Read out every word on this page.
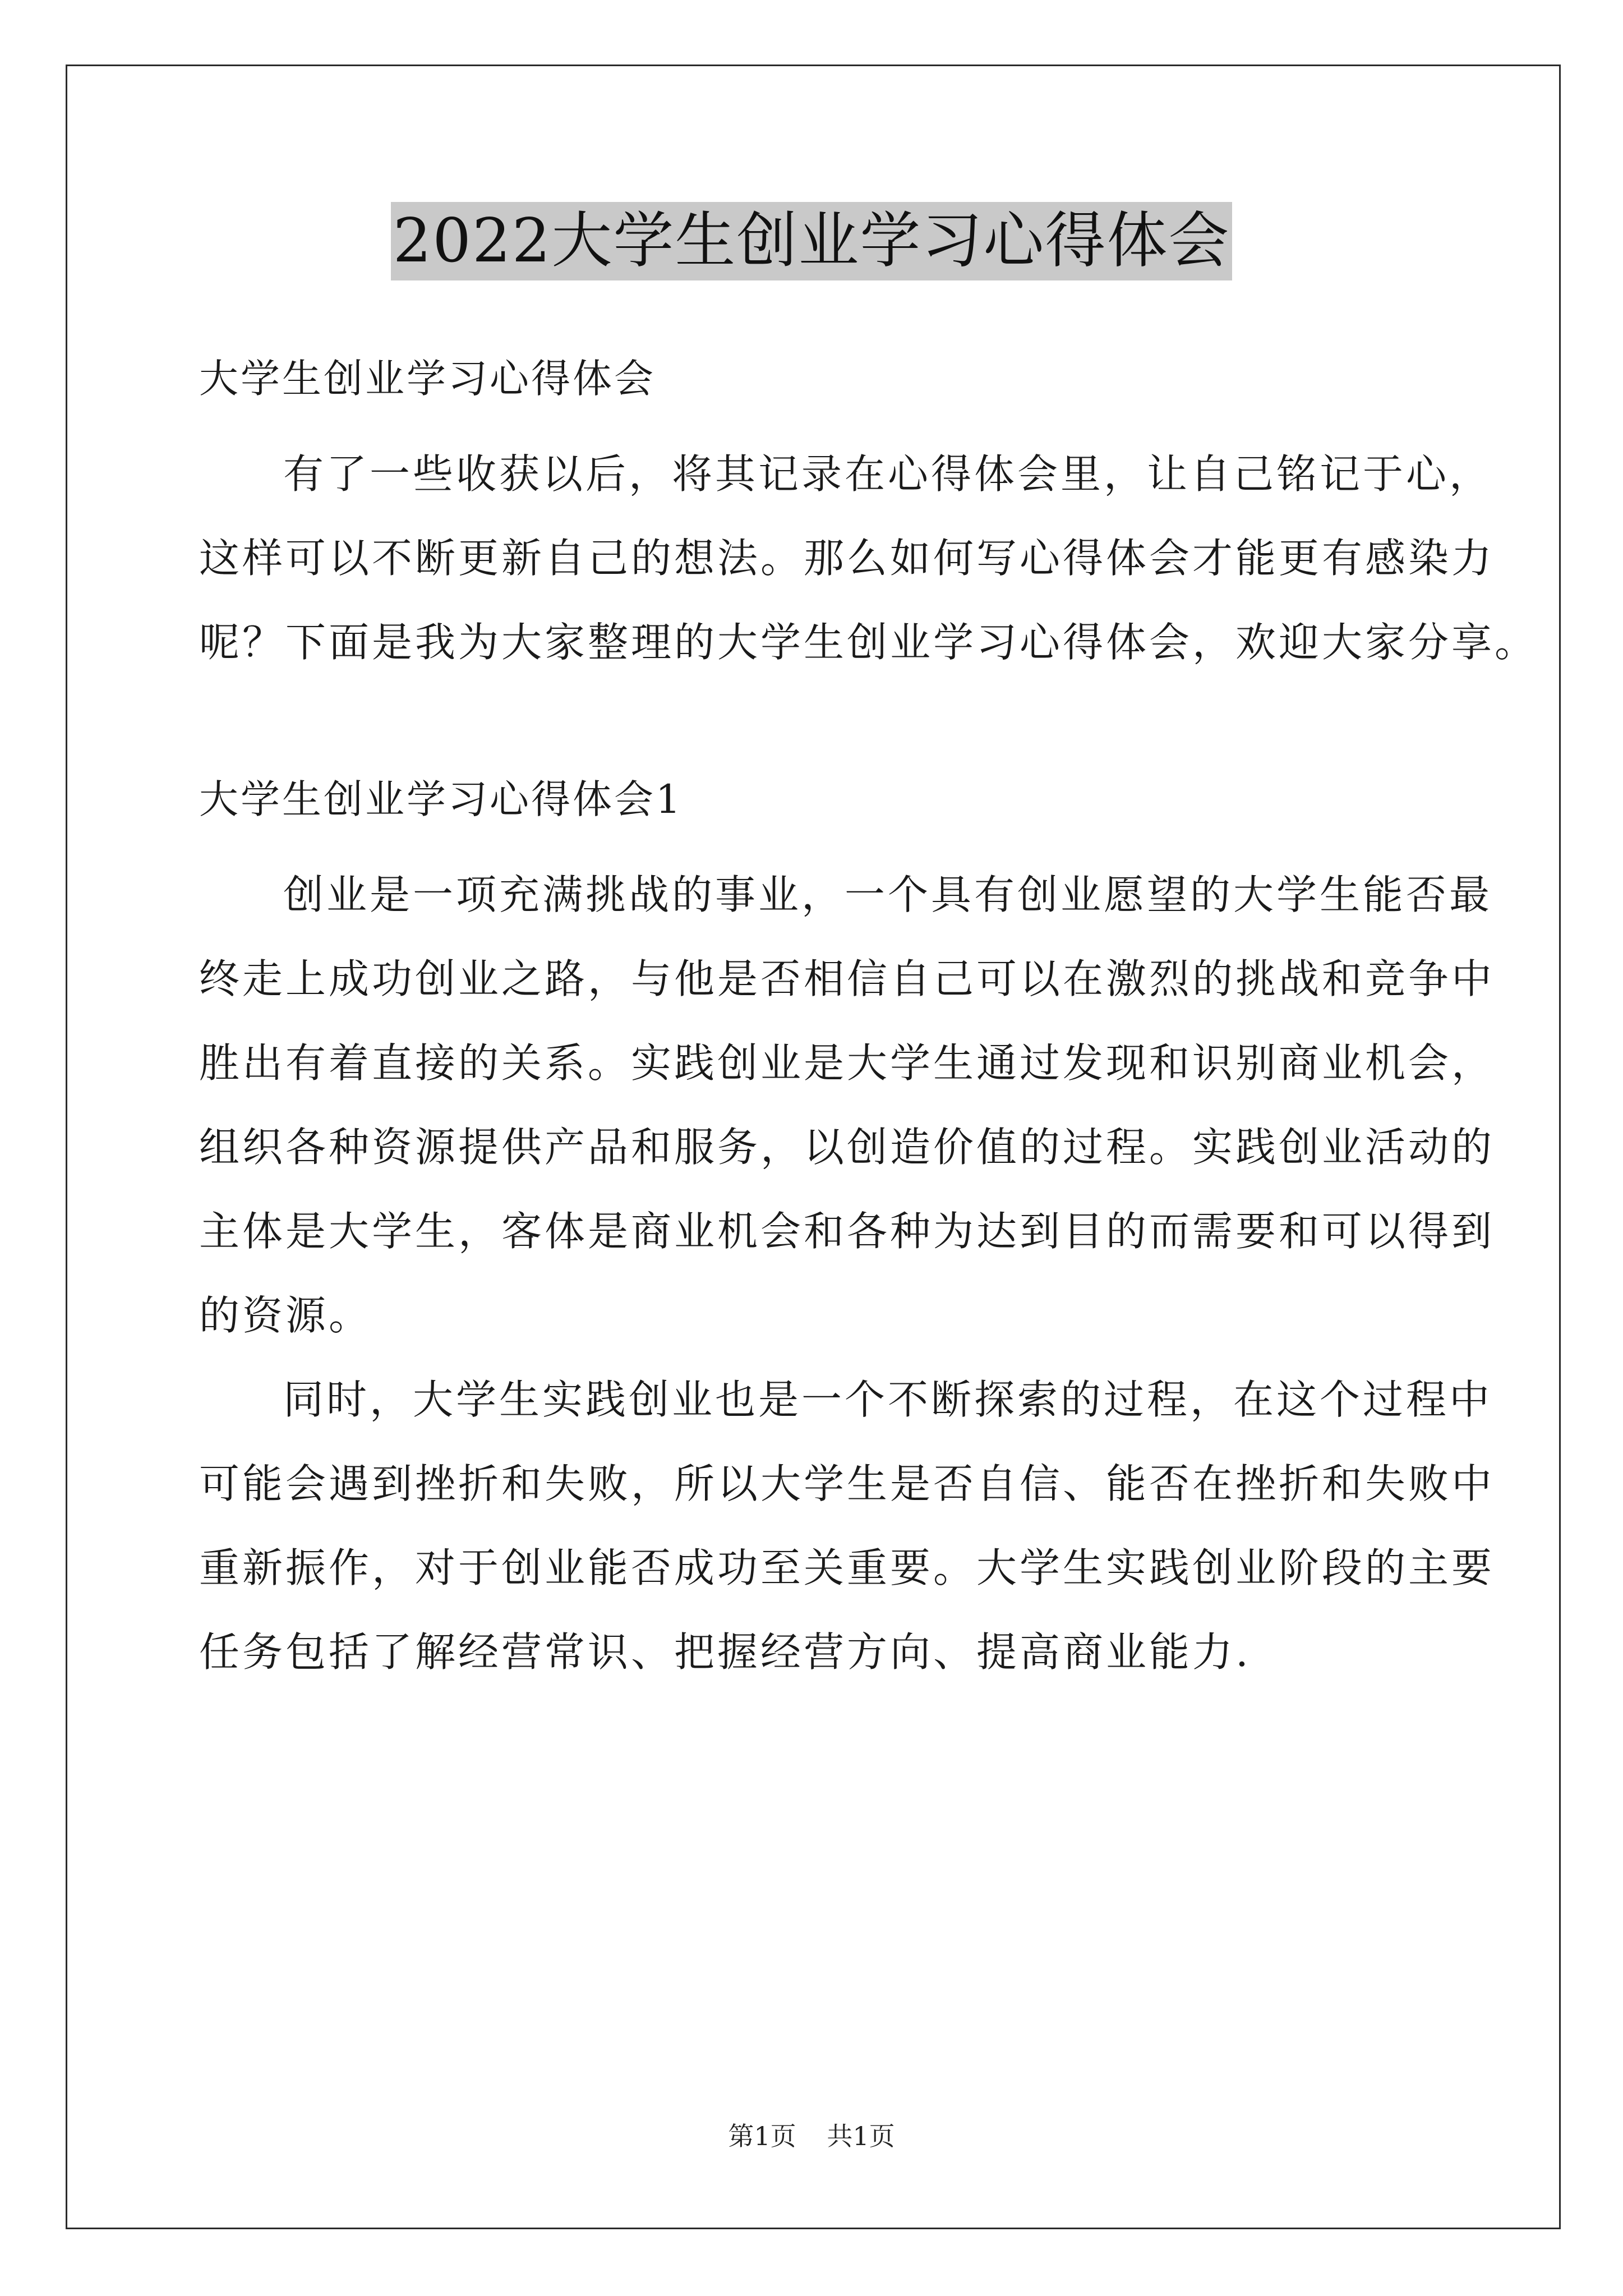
2022大学生创业学习心得体会
大学生创业学习心得体会
有了一些收获以后，将其记录在心得体会里，让自己铭记于心，
这样可以不断更新自己的想法。那么如何写心得体会才能更有感染力
呢？下面是我为大家整理的大学生创业学习心得体会，欢迎大家分享。
大学生创业学习心得体会1
创业是一项充满挑战的事业，一个具有创业愿望的大学生能否最
终走上成功创业之路，与他是否相信自己可以在激烈的挑战和竞争中
胜出有着直接的关系。实践创业是大学生通过发现和识别商业机会，
组织各种资源提供产品和服务，以创造价值的过程。实践创业活动的
主体是大学生，客体是商业机会和各种为达到目的而需要和可以得到
的资源。
同时，大学生实践创业也是一个不断探索的过程，在这个过程中
可能会遇到挫折和失败，所以大学生是否自信、能否在挫折和失败中
重新振作，对于创业能否成功至关重要。大学生实践创业阶段的主要
任务包括了解经营常识、把握经营方向、提高商业能力.
第1页 共1页
